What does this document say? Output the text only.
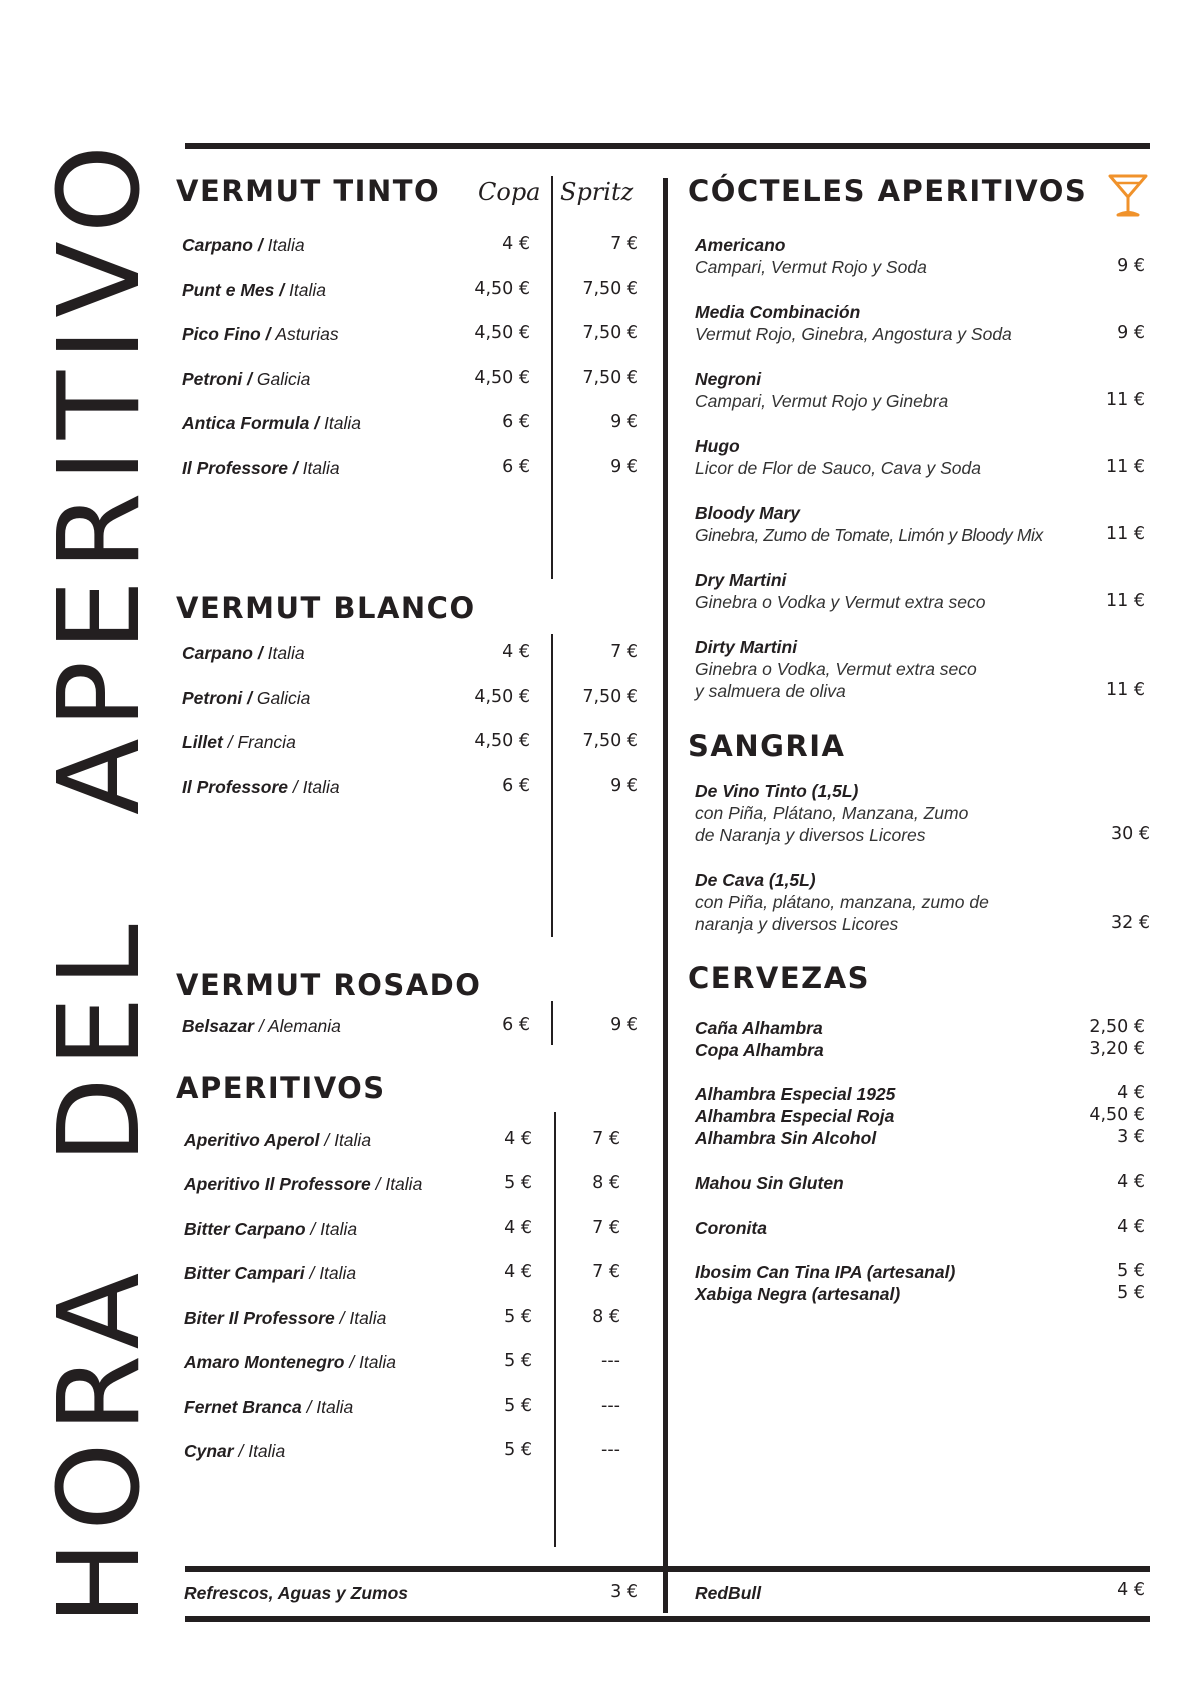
HORA DEL APERITIVO VERMUT TINTO Copa Spritz
Carpano / Italia	4 €	7 €
Punt e Mes / Italia	4,50 €	7,50 €
Pico Fino / Asturias	4,50 €	7,50 €
Petroni / Galicia	4,50 €	7,50 €
Antica Formula / Italia	6 €	9 €
Il Professore / Italia	6 €	9 €
VERMUT BLANCO
Carpano / Italia	4 €	7 €
Petroni / Galicia	4,50 €	7,50 €
Lillet / Francia	4,50 €	7,50 €
Il Professore / Italia	6 €	9 €
VERMUT ROSADO
Belsazar / Alemania	6 €	9 €
APERITIVOS
Aperitivo Aperol / Italia	4 €	7 €
Aperitivo Il Professore / Italia	5 €	8 €
Bitter Carpano / Italia	4 €	7 €
Bitter Campari / Italia	4 €	7 €
Biter Il Professore / Italia	5 €	8 €
Amaro Montenegro / Italia	5 €	---
Fernet Branca / Italia	5 €	---
Cynar / Italia	5 €	---
CÓCTELES APERITIVOS
Americano
Campari, Vermut Rojo y Soda	9 €
Media Combinación
Vermut Rojo, Ginebra, Angostura y Soda	9 €
Negroni
Campari, Vermut Rojo y Ginebra	11 €
Hugo
Licor de Flor de Sauco, Cava y Soda	11 €
Bloody Mary
Ginebra, Zumo de Tomate, Limón y Bloody Mix	11 €
Dry Martini
Ginebra o Vodka y Vermut extra seco	11 €
Dirty Martini
Ginebra o Vodka, Vermut extra seco
y salmuera de oliva	11 €
SANGRIA
De Vino Tinto (1,5L)
con Piña, Plátano, Manzana, Zumo
de Naranja y diversos Licores	30 €
De Cava (1,5L)
con Piña, plátano, manzana, zumo de
naranja y diversos Licores	32 €
CERVEZAS
Caña Alhambra	2,50 €
Copa Alhambra	3,20 €
Alhambra Especial 1925	4 €
Alhambra Especial Roja	4,50 €
Alhambra Sin Alcohol	3 €
Mahou Sin Gluten	4 €
Coronita	4 €
Ibosim Can Tina IPA (artesanal)	5 €
Xabiga Negra (artesanal)	5 €
Refrescos, Aguas y Zumos	3 €	RedBull	4 €
